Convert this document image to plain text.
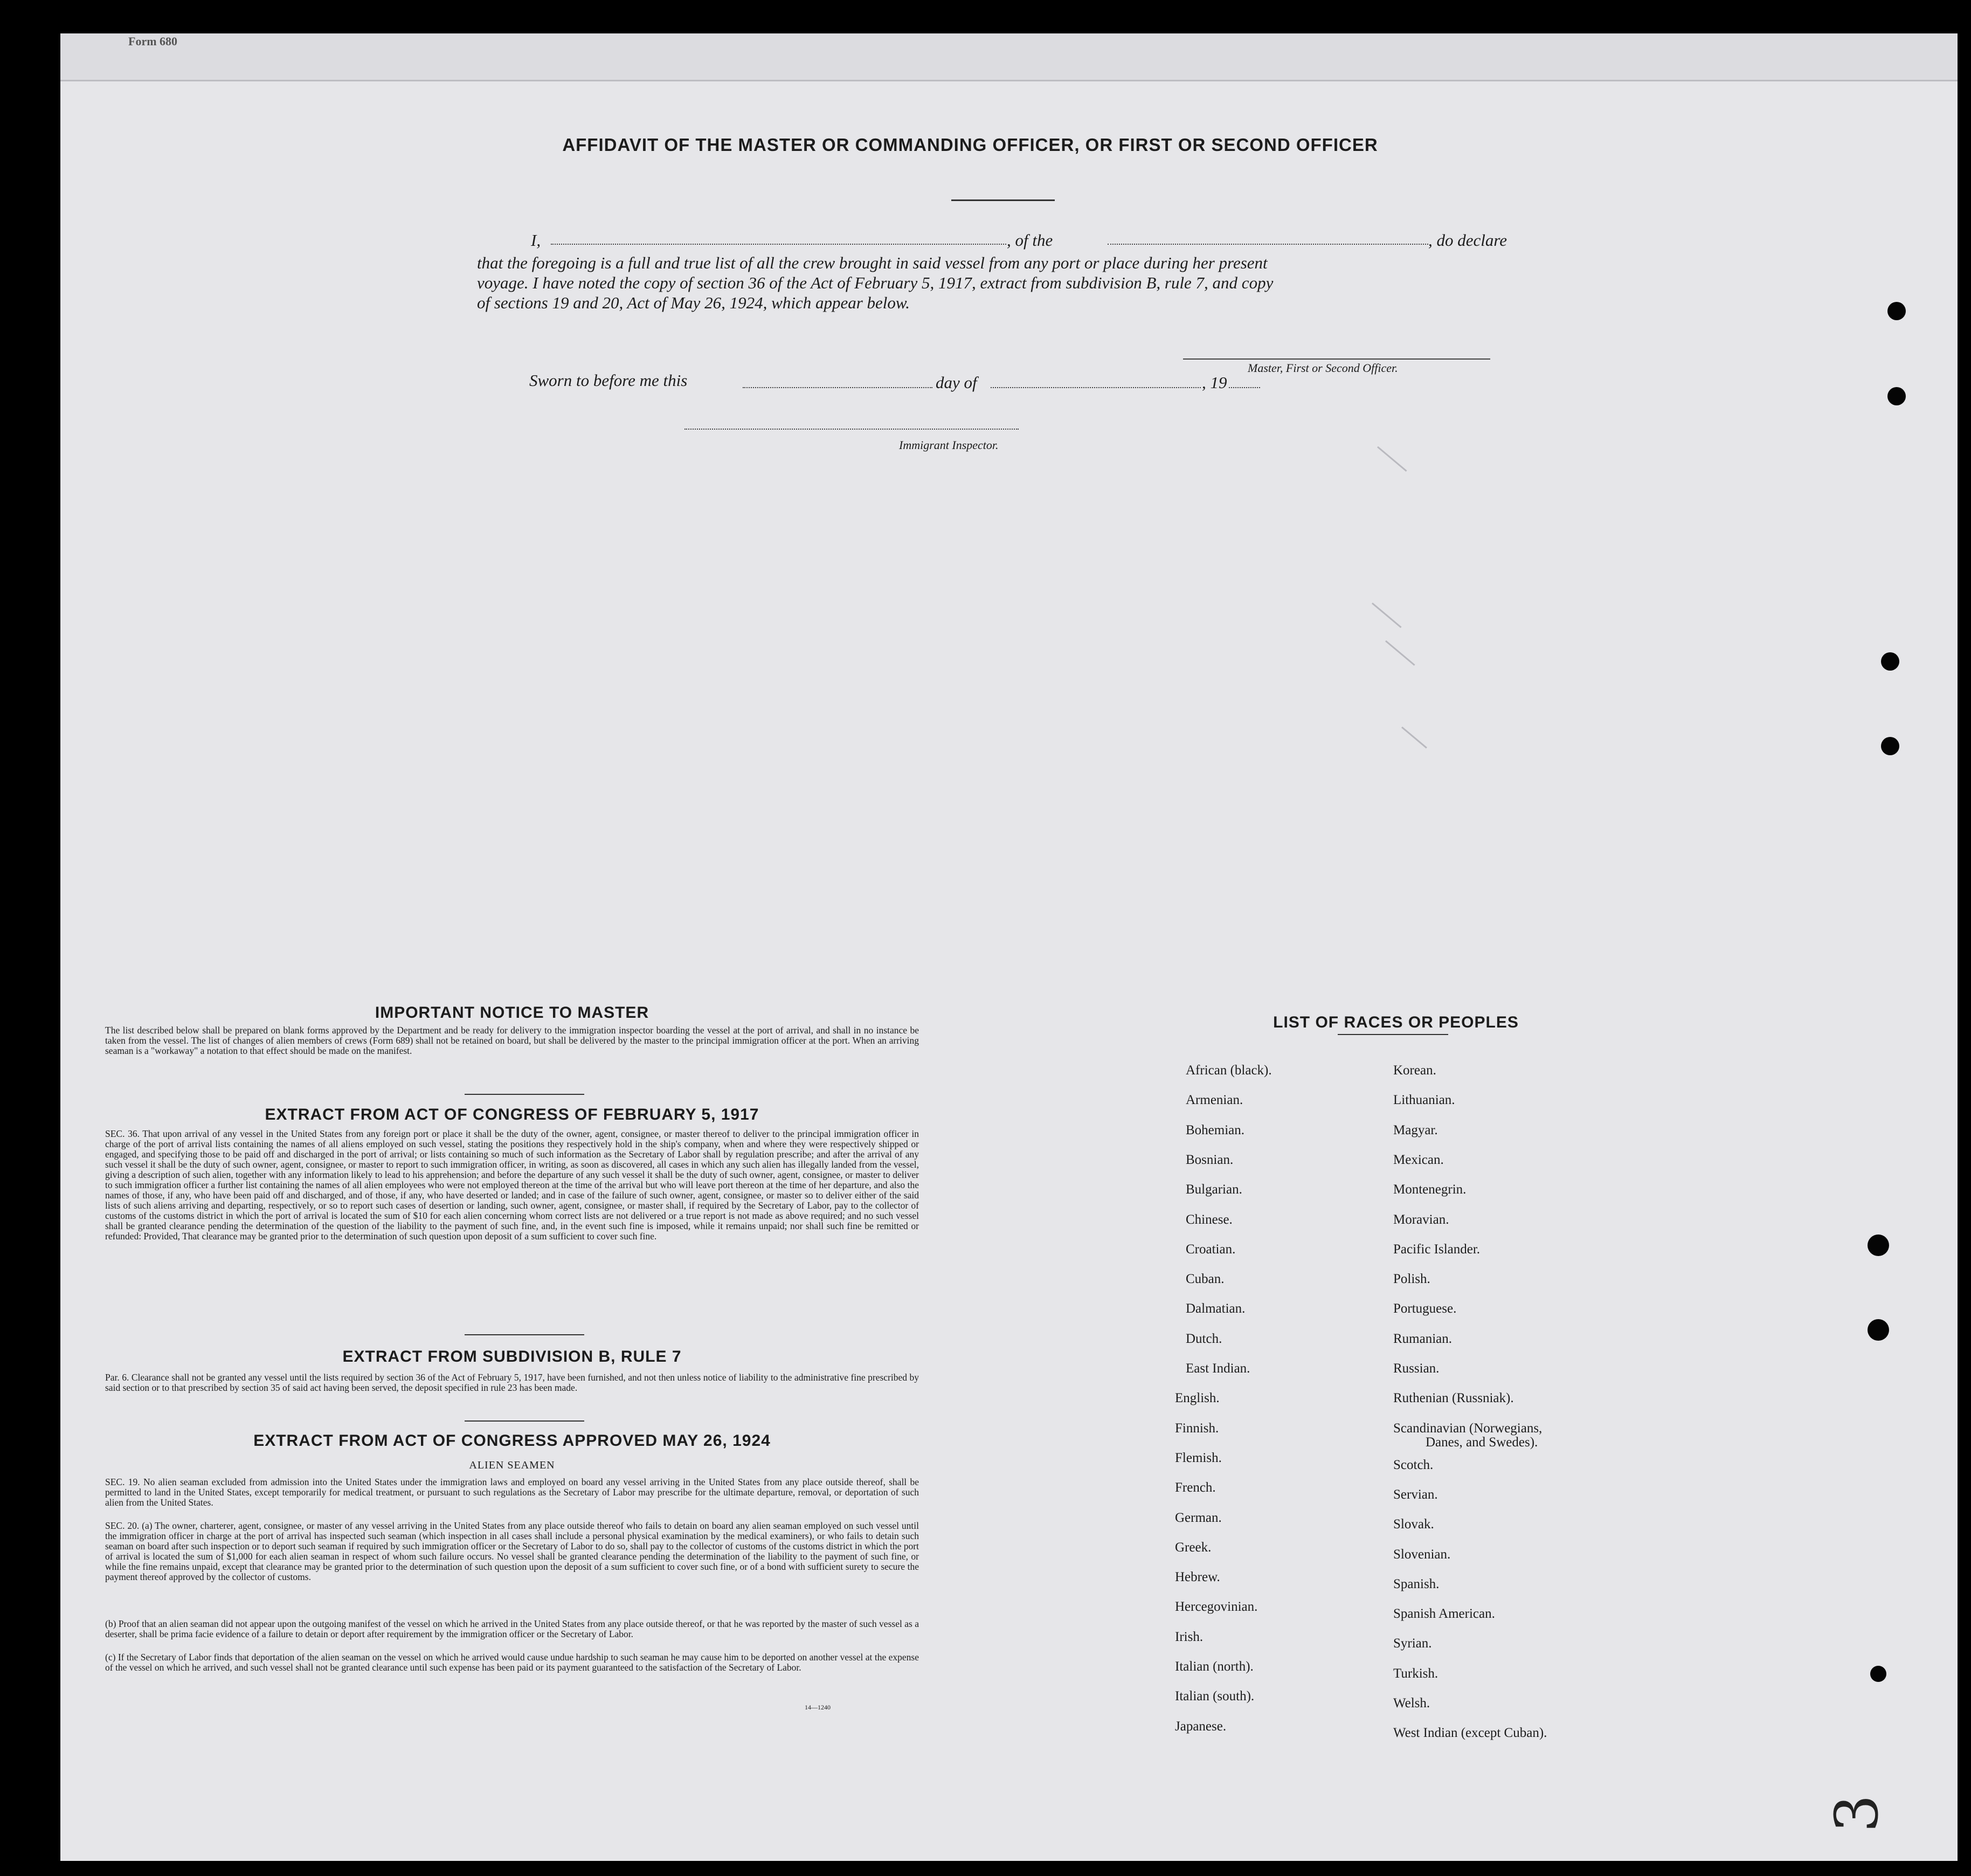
Form 680
AFFIDAVIT OF THE MASTER OR COMMANDING OFFICER, OR FIRST OR SECOND OFFICER
I,	, of the	, do declare
that the foregoing is a full and true list of all the crew brought in said vessel from any port or place during her present
voyage. I have noted the copy of section 36 of the Act of February 5, 1917, extract from subdivision B, rule 7, and copy
of sections 19 and 20, Act of May 26, 1924, which appear below.
Master, First or Second Officer.
Sworn to before me this	day of	, 19
Immigrant Inspector.
IMPORTANT NOTICE TO MASTER
The list described below shall be prepared on blank forms approved by the Department and be ready for delivery to the immigration inspector boarding the vessel at the port of arrival, and shall in no instance be taken from the vessel. The list of changes of alien members of crews (Form 689) shall not be retained on board, but shall be delivered by the master to the principal immigration officer at the port. When an arriving seaman is a "workaway" a notation to that effect should be made on the manifest.
EXTRACT FROM ACT OF CONGRESS OF FEBRUARY 5, 1917
SEC. 36. That upon arrival of any vessel in the United States from any foreign port or place it shall be the duty of the owner, agent, consignee, or master thereof to deliver to the principal immigration officer in charge of the port of arrival lists containing the names of all aliens employed on such vessel, stating the positions they respectively hold in the ship's company, when and where they were respectively shipped or engaged, and specifying those to be paid off and discharged in the port of arrival; or lists containing so much of such information as the Secretary of Labor shall by regulation prescribe; and after the arrival of any such vessel it shall be the duty of such owner, agent, consignee, or master to report to such immigration officer, in writing, as soon as discovered, all cases in which any such alien has illegally landed from the vessel, giving a description of such alien, together with any information likely to lead to his apprehension; and before the departure of any such vessel it shall be the duty of such owner, agent, consignee, or master to deliver to such immigration officer a further list containing the names of all alien employees who were not employed thereon at the time of the arrival but who will leave port thereon at the time of her departure, and also the names of those, if any, who have been paid off and discharged, and of those, if any, who have deserted or landed; and in case of the failure of such owner, agent, consignee, or master so to deliver either of the said lists of such aliens arriving and departing, respectively, or so to report such cases of desertion or landing, such owner, agent, consignee, or master shall, if required by the Secretary of Labor, pay to the collector of customs of the customs district in which the port of arrival is located the sum of $10 for each alien concerning whom correct lists are not delivered or a true report is not made as above required; and no such vessel shall be granted clearance pending the determination of the question of the liability to the payment of such fine, and, in the event such fine is imposed, while it remains unpaid; nor shall such fine be remitted or refunded: Provided, That clearance may be granted prior to the determination of such question upon deposit of a sum sufficient to cover such fine.
EXTRACT FROM SUBDIVISION B, RULE 7
Par. 6. Clearance shall not be granted any vessel until the lists required by section 36 of the Act of February 5, 1917, have been furnished, and not then unless notice of liability to the administrative fine prescribed by said section or to that prescribed by section 35 of said act having been served, the deposit specified in rule 23 has been made.
EXTRACT FROM ACT OF CONGRESS APPROVED MAY 26, 1924
ALIEN SEAMEN
SEC. 19. No alien seaman excluded from admission into the United States under the immigration laws and employed on board any vessel arriving in the United States from any place outside thereof, shall be permitted to land in the United States, except temporarily for medical treatment, or pursuant to such regulations as the Secretary of Labor may prescribe for the ultimate departure, removal, or deportation of such alien from the United States.
SEC. 20. (a) The owner, charterer, agent, consignee, or master of any vessel arriving in the United States from any place outside thereof who fails to detain on board any alien seaman employed on such vessel until the immigration officer in charge at the port of arrival has inspected such seaman (which inspection in all cases shall include a personal physical examination by the medical examiners), or who fails to detain such seaman on board after such inspection or to deport such seaman if required by such immigration officer or the Secretary of Labor to do so, shall pay to the collector of customs of the customs district in which the port of arrival is located the sum of $1,000 for each alien seaman in respect of whom such failure occurs. No vessel shall be granted clearance pending the determination of the liability to the payment of such fine, or while the fine remains unpaid, except that clearance may be granted prior to the determination of such question upon the deposit of a sum sufficient to cover such fine, or of a bond with sufficient surety to secure the payment thereof approved by the collector of customs.
(b) Proof that an alien seaman did not appear upon the outgoing manifest of the vessel on which he arrived in the United States from any place outside thereof, or that he was reported by the master of such vessel as a deserter, shall be prima facie evidence of a failure to detain or deport after requirement by the immigration officer or the Secretary of Labor.
(c) If the Secretary of Labor finds that deportation of the alien seaman on the vessel on which he arrived would cause undue hardship to such seaman he may cause him to be deported on another vessel at the expense of the vessel on which he arrived, and such vessel shall not be granted clearance until such expense has been paid or its payment guaranteed to the satisfaction of the Secretary of Labor.
14—1240
LIST OF RACES OR PEOPLES
African (black).
Armenian.
Bohemian.
Bosnian.
Bulgarian.
Chinese.
Croatian.
Cuban.
Dalmatian.
Dutch.
East Indian.
English.
Finnish.
Flemish.
French.
German.
Greek.
Hebrew.
Hercegovinian.
Irish.
Italian (north).
Italian (south).
Japanese.
Korean.
Lithuanian.
Magyar.
Mexican.
Montenegrin.
Moravian.
Pacific Islander.
Polish.
Portuguese.
Rumanian.
Russian.
Ruthenian (Russniak).
Scandinavian (Norwegians,
Danes, and Swedes).
Scotch.
Servian.
Slovak.
Slovenian.
Spanish.
Spanish American.
Syrian.
Turkish.
Welsh.
West Indian (except Cuban).
3
